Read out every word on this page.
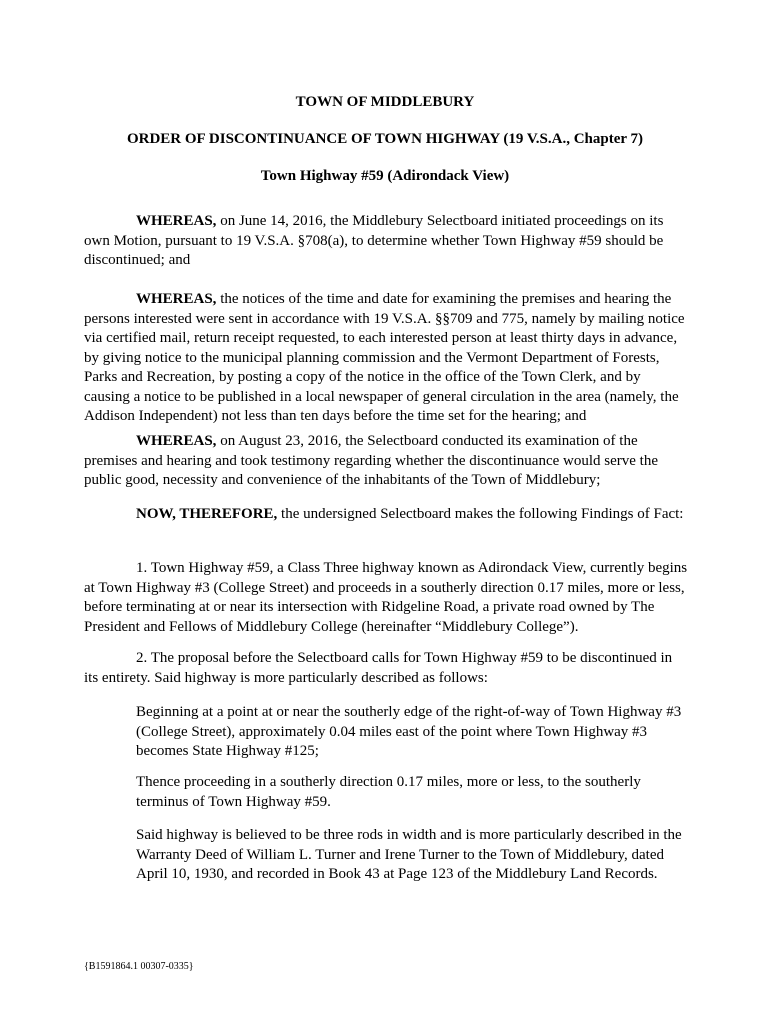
TOWN OF MIDDLEBURY
ORDER OF DISCONTINUANCE OF TOWN HIGHWAY (19 V.S.A., Chapter 7)
Town Highway #59 (Adirondack View)

WHEREAS, on June 14, 2016, the Middlebury Selectboard initiated proceedings on its own Motion, pursuant to 19 V.S.A. §708(a), to determine whether Town Highway #59 should be discontinued; and

WHEREAS, the notices of the time and date for examining the premises and hearing the persons interested were sent in accordance with 19 V.S.A. §§709 and 775, namely by mailing notice via certified mail, return receipt requested, to each interested person at least thirty days in advance, by giving notice to the municipal planning commission and the Vermont Department of Forests, Parks and Recreation, by posting a copy of the notice in the office of the Town Clerk, and by causing a notice to be published in a local newspaper of general circulation in the area (namely, the Addison Independent) not less than ten days before the time set for the hearing; and

WHEREAS, on August 23, 2016, the Selectboard conducted its examination of the premises and hearing and took testimony regarding whether the discontinuance would serve the public good, necessity and convenience of the inhabitants of the Town of Middlebury;

NOW, THEREFORE, the undersigned Selectboard makes the following Findings of Fact:

1. Town Highway #59, a Class Three highway known as Adirondack View, currently begins at Town Highway #3 (College Street) and proceeds in a southerly direction 0.17 miles, more or less, before terminating at or near its intersection with Ridgeline Road, a private road owned by The President and Fellows of Middlebury College (hereinafter “Middlebury College”).

2. The proposal before the Selectboard calls for Town Highway #59 to be discontinued in its entirety. Said highway is more particularly described as follows:

Beginning at a point at or near the southerly edge of the right-of-way of Town Highway #3 (College Street), approximately 0.04 miles east of the point where Town Highway #3 becomes State Highway #125;

Thence proceeding in a southerly direction 0.17 miles, more or less, to the southerly terminus of Town Highway #59.

Said highway is believed to be three rods in width and is more particularly described in the Warranty Deed of William L. Turner and Irene Turner to the Town of Middlebury, dated April 10, 1930, and recorded in Book 43 at Page 123 of the Middlebury Land Records.

{B1591864.1 00307-0335}
